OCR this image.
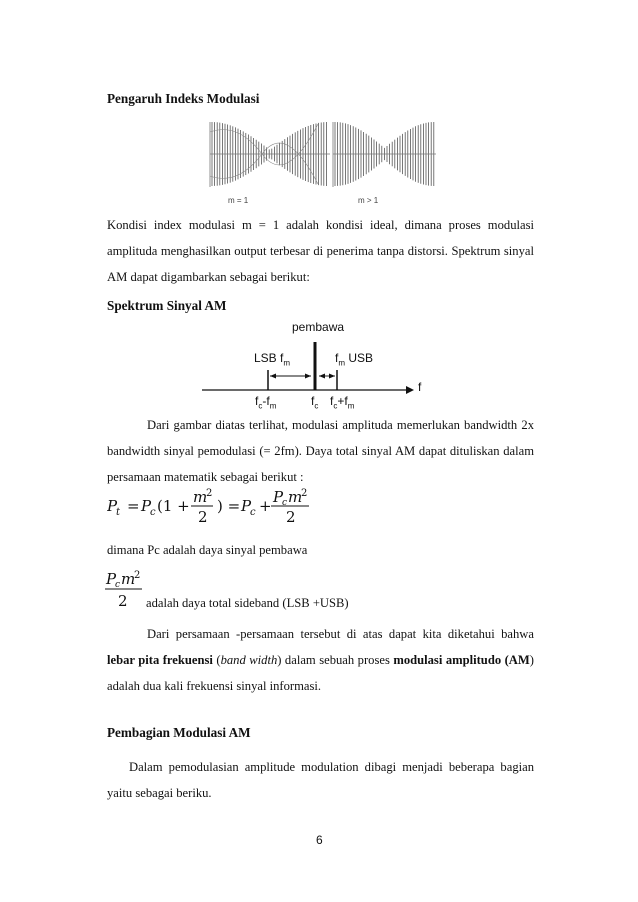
Pengaruh Indeks Modulasi
m = 1	m > 1
Kondisi index modulasi m = 1 adalah kondisi ideal, dimana proses modulasi amplituda menghasilkan output terbesar di penerima tanpa distorsi. Spektrum sinyal AM dapat digambarkan sebagai berikut:
Spektrum Sinyal AM
pembawa
LSB $f_m$	$f_m$ USB
f
$f_c-f_m$	$f_c$ $f_c+f_m$
Dari gambar diatas terlihat, modulasi amplituda memerlukan bandwidth 2x bandwidth sinyal pemodulasi (= 2fm). Daya total sinyal AM dapat dituliskan dalam persamaan matematik sebagai berikut :
P
t = P
c (1 + m
2
2
) = P
c + P
c m
2
2
dimana Pc adalah daya sinyal pembawa
P
c m
2
2 adalah daya total sideband (LSB +USB)
Dari persamaan -persamaan tersebut di atas dapat kita diketahui bahwa lebar pita frekuensi (band width) dalam sebuah proses modulasi amplitudo (AM) adalah dua kali frekuensi sinyal informasi.
Pembagian Modulasi AM
Dalam pemodulasian amplitude modulation dibagi menjadi beberapa bagian yaitu sebagai beriku.
6
